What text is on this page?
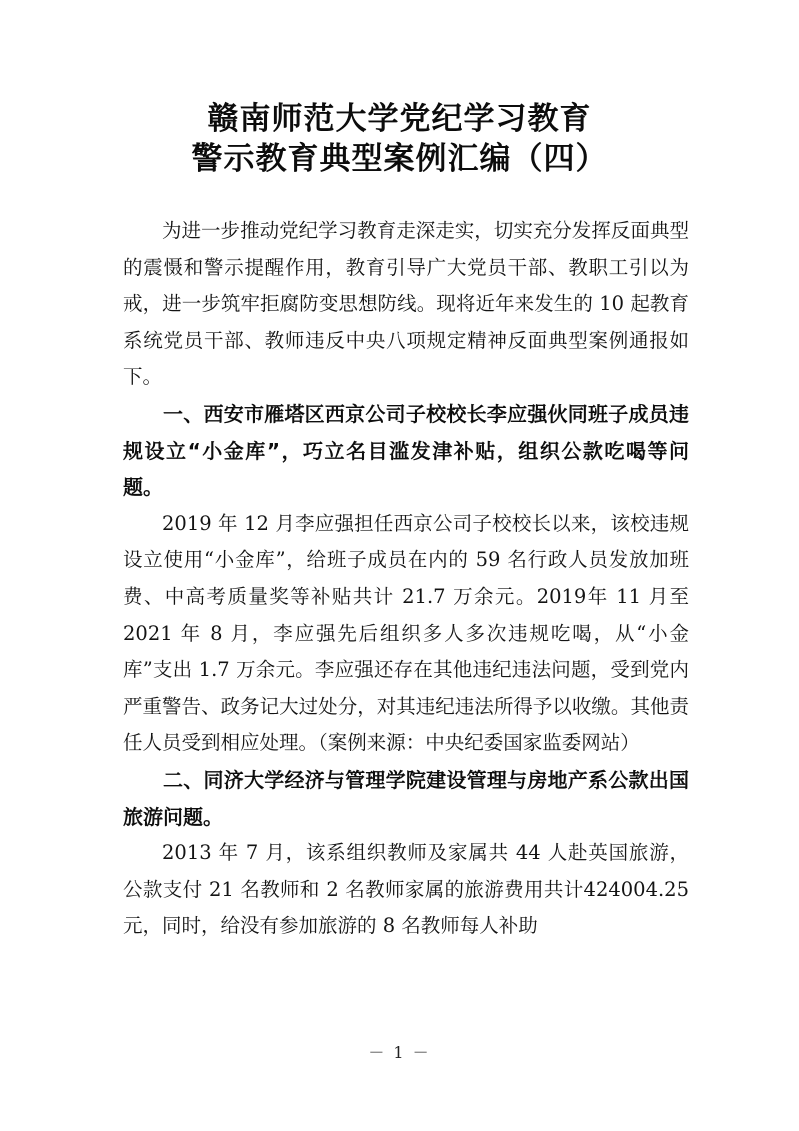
赣南师范大学党纪学习教育
警示教育典型案例汇编（四）

为进一步推动党纪学习教育走深走实，切实充分发挥反面典型的震慑和警示提醒作用，教育引导广大党员干部、教职工引以为戒，进一步筑牢拒腐防变思想防线。现将近年来发生的 10 起教育系统党员干部、教师违反中央八项规定精神反面典型案例通报如下。

一、西安市雁塔区西京公司子校校长李应强伙同班子成员违规设立“小金库”，巧立名目滥发津补贴，组织公款吃喝等问题。

2019 年 12 月李应强担任西京公司子校校长以来，该校违规设立使用“小金库”，给班子成员在内的 59 名行政人员发放加班费、中高考质量奖等补贴共计 21.7 万余元。2019年 11 月至 2021 年 8 月，李应强先后组织多人多次违规吃喝，从“小金库”支出 1.7 万余元。李应强还存在其他违纪违法问题，受到党内严重警告、政务记大过处分，对其违纪违法所得予以收缴。其他责任人员受到相应处理。（案例来源：中央纪委国家监委网站）

二、同济大学经济与管理学院建设管理与房地产系公款出国旅游问题。

2013 年 7 月，该系组织教师及家属共 44 人赴英国旅游，公款支付 21 名教师和 2 名教师家属的旅游费用共计424004.25 元，同时，给没有参加旅游的 8 名教师每人补助

－ 1 －
